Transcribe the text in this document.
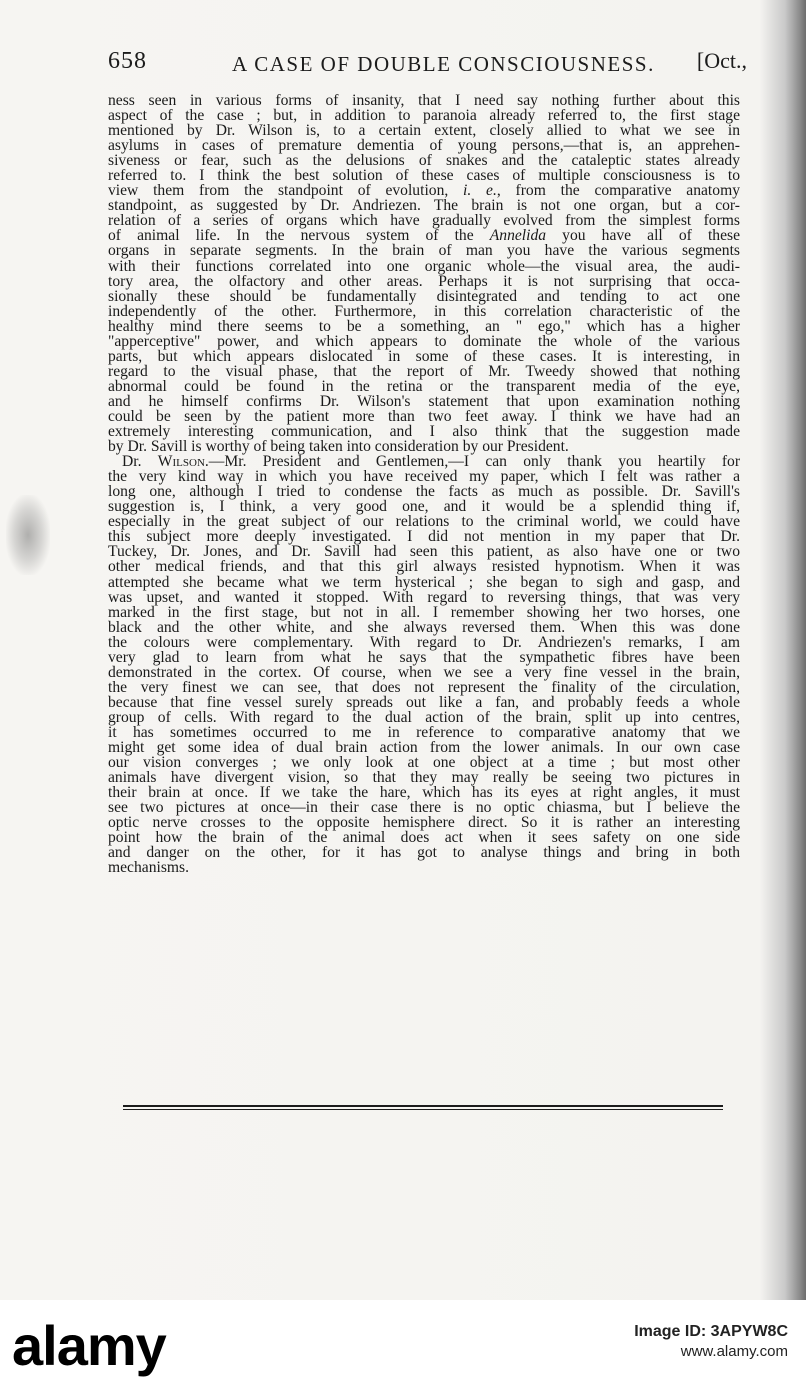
658	A CASE OF DOUBLE CONSCIOUSNESS. [Oct.,
ness seen in various forms of insanity, that I need say nothing further about this
aspect of the case ; but, in addition to paranoia already referred to, the first stage
mentioned by Dr. Wilson is, to a certain extent, closely allied to what we see in
asylums in cases of premature dementia of young persons,—that is, an apprehen-
siveness or fear, such as the delusions of snakes and the cataleptic states already
referred to. I think the best solution of these cases of multiple consciousness is to
view them from the standpoint of evolution, i. e., from the comparative anatomy
standpoint, as suggested by Dr. Andriezen. The brain is not one organ, but a cor-
relation of a series of organs which have gradually evolved from the simplest forms
of animal life. In the nervous system of the Annelida you have all of these
organs in separate segments. In the brain of man you have the various segments
with their functions correlated into one organic whole—the visual area, the audi-
tory area, the olfactory and other areas. Perhaps it is not surprising that occa-
sionally these should be fundamentally disintegrated and tending to act one
independently of the other. Furthermore, in this correlation characteristic of the
healthy mind there seems to be a something, an " ego," which has a higher
"apperceptive" power, and which appears to dominate the whole of the various
parts, but which appears dislocated in some of these cases. It is interesting, in
regard to the visual phase, that the report of Mr. Tweedy showed that nothing
abnormal could be found in the retina or the transparent media of the eye,
and he himself confirms Dr. Wilson's statement that upon examination nothing
could be seen by the patient more than two feet away. I think we have had an
extremely interesting communication, and I also think that the suggestion made
by Dr. Savill is worthy of being taken into consideration by our President.
Dr. Wilson.—Mr. President and Gentlemen,—I can only thank you heartily for
the very kind way in which you have received my paper, which I felt was rather a
long one, although I tried to condense the facts as much as possible. Dr. Savill's
suggestion is, I think, a very good one, and it would be a splendid thing if,
especially in the great subject of our relations to the criminal world, we could have
this subject more deeply investigated. I did not mention in my paper that Dr.
Tuckey, Dr. Jones, and Dr. Savill had seen this patient, as also have one or two
other medical friends, and that this girl always resisted hypnotism. When it was
attempted she became what we term hysterical ; she began to sigh and gasp, and
was upset, and wanted it stopped. With regard to reversing things, that was very
marked in the first stage, but not in all. I remember showing her two horses, one
black and the other white, and she always reversed them. When this was done
the colours were complementary. With regard to Dr. Andriezen's remarks, I am
very glad to learn from what he says that the sympathetic fibres have been
demonstrated in the cortex. Of course, when we see a very fine vessel in the brain,
the very finest we can see, that does not represent the finality of the circulation,
because that fine vessel surely spreads out like a fan, and probably feeds a whole
group of cells. With regard to the dual action of the brain, split up into centres,
it has sometimes occurred to me in reference to comparative anatomy that we
might get some idea of dual brain action from the lower animals. In our own case
our vision converges ; we only look at one object at a time ; but most other
animals have divergent vision, so that they may really be seeing two pictures in
their brain at once. If we take the hare, which has its eyes at right angles, it must
see two pictures at once—in their case there is no optic chiasma, but I believe the
optic nerve crosses to the opposite hemisphere direct. So it is rather an interesting
point how the brain of the animal does act when it sees safety on one side
and danger on the other, for it has got to analyse things and bring in both
mechanisms.
alamy	Image ID: 3APYW8C
www.alamy.com
